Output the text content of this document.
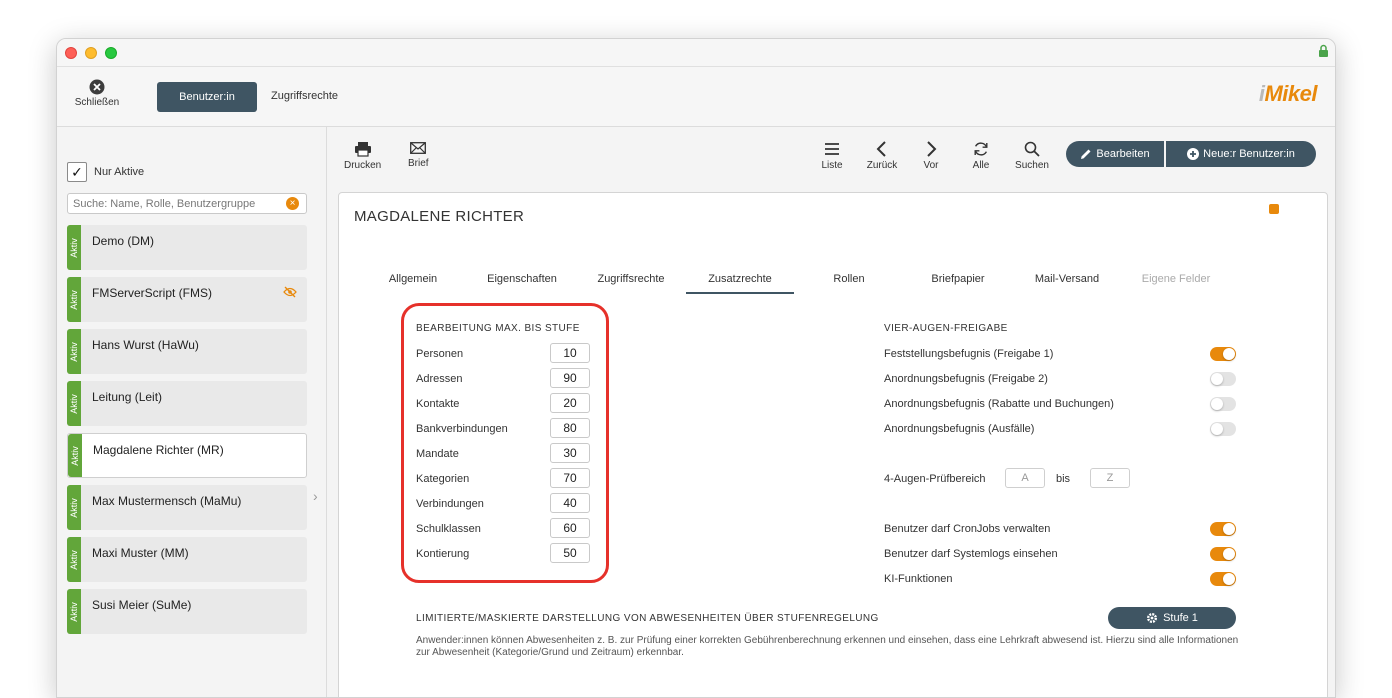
Schließen	Benutzer:in	Zugriffsrechte	iMikel
✓	Nur Aktive
Suche: Name, Rolle, Benutzergruppe
×
Aktiv Demo (DM)
Aktiv FMServerScript (FMS)
Aktiv Hans Wurst (HaWu)
Aktiv Leitung (Leit)
Aktiv Magdalene Richter (MR)
Aktiv Max Mustermensch (MaMu)
Aktiv Maxi Muster (MM)
Aktiv Susi Meier (SuMe)
›
Drucken	Brief	Liste Zurück	Vor	Alle	Suchen
Bearbeiten	Neue:r Benutzer:in
MAGDALENE RICHTER
Allgemein	Eigenschaften	Zugriffsrechte	Zusatzrechte	Rollen	Briefpapier	Mail-Versand	Eigene Felder
BEARBEITUNG MAX. BIS STUFE
Personen	10
Adressen	90
Kontakte	20
Bankverbindungen	80
Mandate	30
Kategorien	70
Verbindungen	40
Schulklassen	60
Kontierung	50
VIER-AUGEN-FREIGABE
Feststellungsbefugnis (Freigabe 1)
Anordnungsbefugnis (Freigabe 2)
Anordnungsbefugnis (Rabatte und Buchungen)
Anordnungsbefugnis (Ausfälle)
4-Augen-Prüfbereich	A	bis	Z
Benutzer darf CronJobs verwalten
Benutzer darf Systemlogs einsehen
KI-Funktionen
LIMITIERTE/MASKIERTE DARSTELLUNG VON ABWESENHEITEN ÜBER STUFENREGELUNG	Stufe 1
Anwender:innen können Abwesenheiten z. B. zur Prüfung einer korrekten Gebührenberechnung erkennen und einsehen, dass eine Lehrkraft abwesend ist. Hierzu sind alle Informationen zur Abwesenheit (Kategorie/Grund und Zeitraum) erkennbar.
